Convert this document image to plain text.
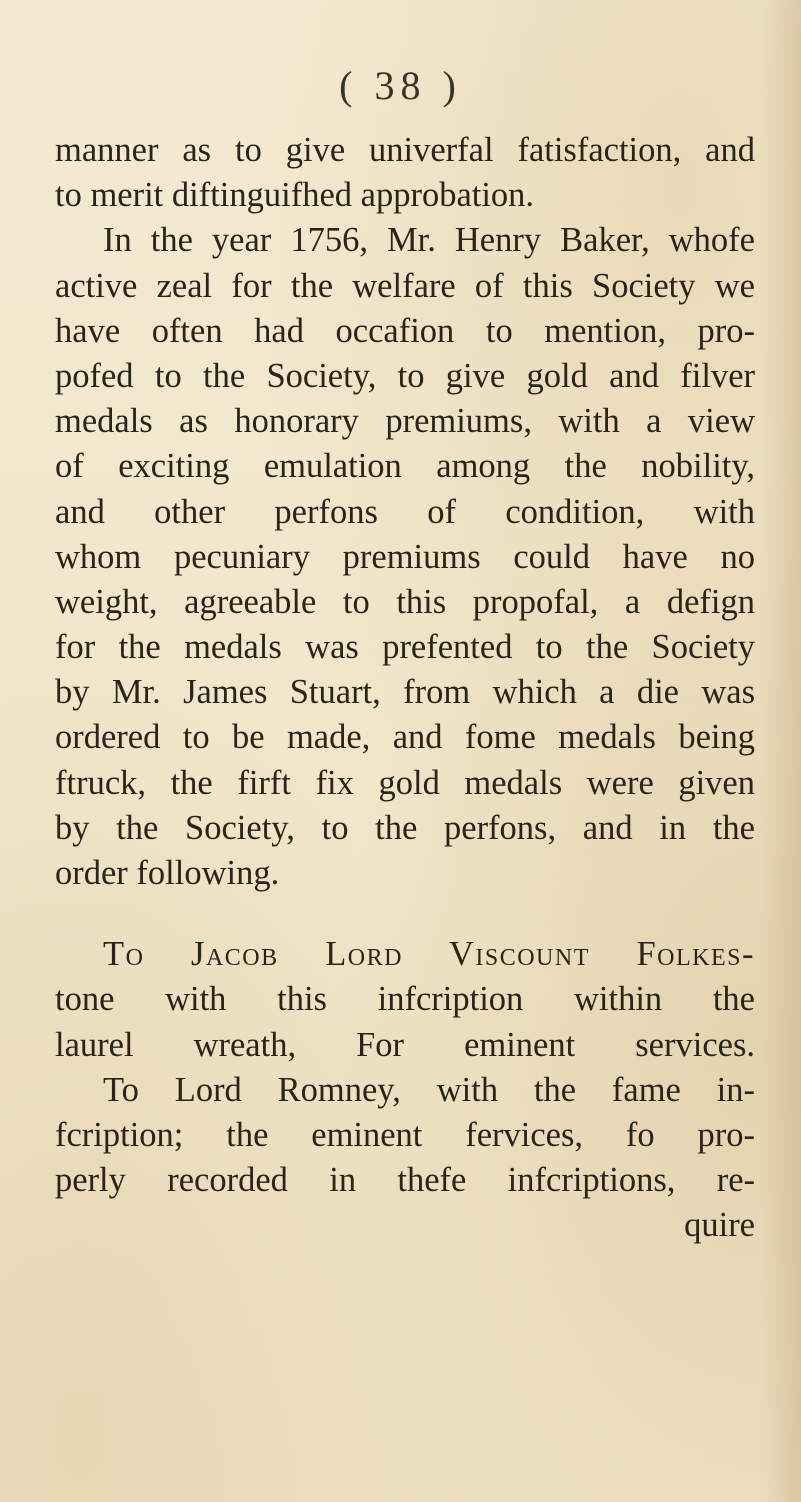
( 38 )
manner as to give univerfal fatisfaction, and
to merit diftinguifhed approbation.
In the year 1756, Mr. Henry Baker, whofe
active zeal for the welfare of this Society we
have often had occafion to mention, pro-
pofed to the Society, to give gold and filver
medals as honorary premiums, with a view
of exciting emulation among the nobility,
and other perfons of condition, with
whom pecuniary premiums could have no
weight, agreeable to this propofal, a defign
for the medals was prefented to the Society
by Mr. James Stuart, from which a die was
ordered to be made, and fome medals being
ftruck, the firft fix gold medals were given
by the Society, to the perfons, and in the
order following.
To Jacob Lord Viscount Folkes-
tone with this infcription within the
laurel wreath, For eminent services.
To Lord Romney, with the fame in-
fcription; the eminent fervices, fo pro-
perly recorded in thefe infcriptions, re-
quire
